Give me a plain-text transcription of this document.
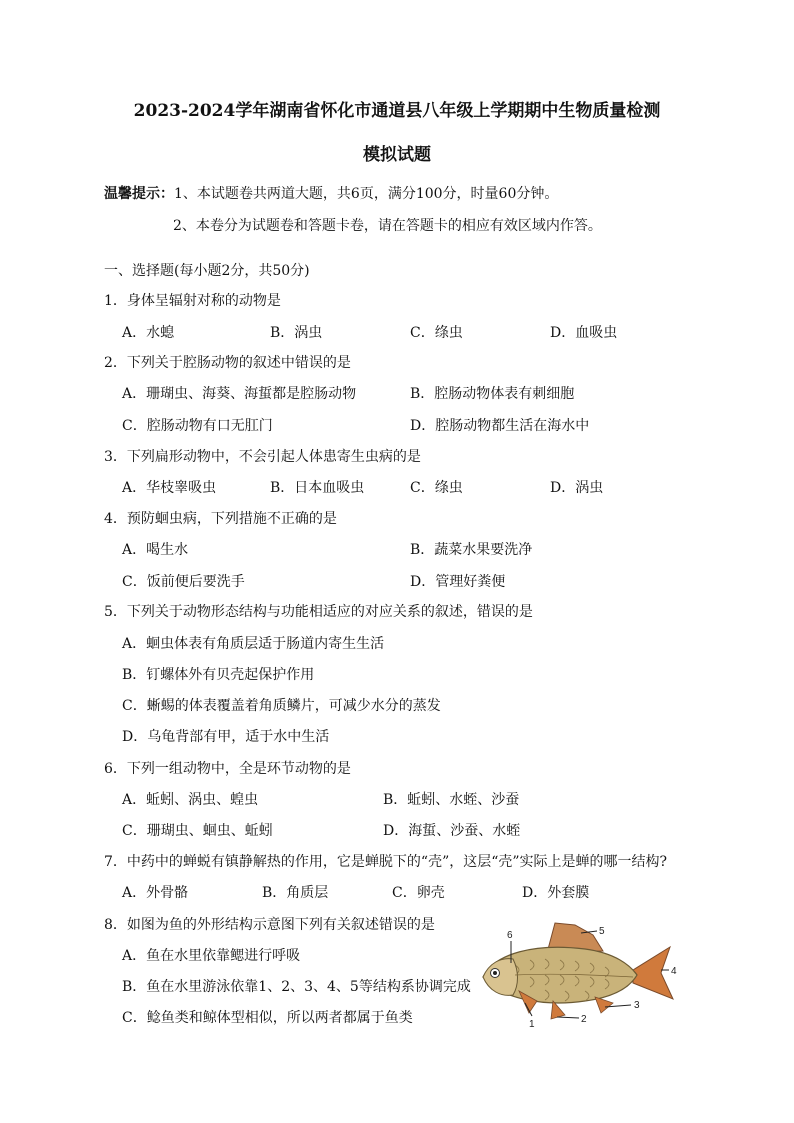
2023-2024学年湖南省怀化市通道县八年级上学期期中生物质量检测
模拟试题
温馨提示：1、本试题卷共两道大题，共6页，满分100分，时量60分钟。
2、本卷分为试题卷和答题卡卷，请在答题卡的相应有效区域内作答。
一、选择题(每小题2分，共50分)
1．身体呈辐射对称的动物是
A．水螅	B．涡虫	C．绦虫	D．血吸虫
2．下列关于腔肠动物的叙述中错误的是
A．珊瑚虫、海葵、海蜇都是腔肠动物	B．腔肠动物体表有刺细胞
C．腔肠动物有口无肛门	D．腔肠动物都生活在海水中
3．下列扁形动物中，不会引起人体患寄生虫病的是
A．华枝睾吸虫	B．日本血吸虫	C．绦虫	D．涡虫
4．预防蛔虫病，下列措施不正确的是
A．喝生水	B．蔬菜水果要洗净
C．饭前便后要洗手	D．管理好粪便
5．下列关于动物形态结构与功能相适应的对应关系的叙述，错误的是
A．蛔虫体表有角质层适于肠道内寄生生活
B．钉螺体外有贝壳起保护作用
C．蜥蜴的体表覆盖着角质鳞片，可减少水分的蒸发
D．乌龟背部有甲，适于水中生活
6．下列一组动物中，全是环节动物的是
A．蚯蚓、涡虫、蝗虫	B．蚯蚓、水蛭、沙蚕
C．珊瑚虫、蛔虫、蚯蚓	D．海蜇、沙蚕、水蛭
7．中药中的蝉蜕有镇静解热的作用，它是蝉脱下的“壳”，这层“壳”实际上是蝉的哪一结构?
A．外骨骼	B．角质层	C．卵壳	D．外套膜
8．如图为鱼的外形结构示意图下列有关叙述错误的是
A．鱼在水里依靠鳃进行呼吸
B．鱼在水里游泳依靠1、2、3、4、5等结构系协调完成
C．鲶鱼类和鲸体型相似，所以两者都属于鱼类	1	2
3
4
5
6
